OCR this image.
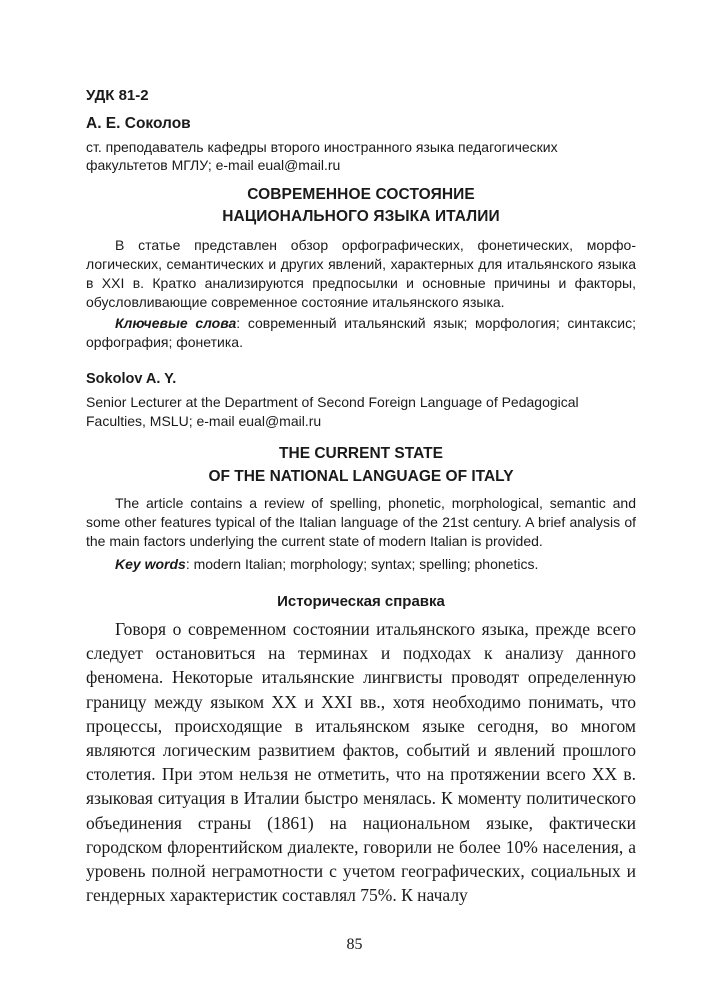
УДК 81-2
А. Е. Соколов
ст. преподаватель кафедры второго иностранного языка педагогических факультетов МГЛУ; e-mail eual@mail.ru
СОВРЕМЕННОЕ СОСТОЯНИЕ
НАЦИОНАЛЬНОГО ЯЗЫКА ИТАЛИИ
В статье представлен обзор орфографических, фонетических, морфологических, семантических и других явлений, характерных для итальянского языка в XXI в. Кратко анализируются предпосылки и основные причины и факторы, обусловливающие современное состояние итальянского языка.
Ключевые слова: современный итальянский язык; морфология; синтаксис; орфография; фонетика.
Sokolov A. Y.
Senior Lecturer at the Department of Second Foreign Language of Pedagogical Faculties, MSLU; e-mail eual@mail.ru
THE CURRENT STATE
OF THE NATIONAL LANGUAGE OF ITALY
The article contains a review of spelling, phonetic, morphological, semantic and some other features typical of the Italian language of the 21st century. A brief analysis of the main factors underlying the current state of modern Italian is provided.
Key words: modern Italian; morphology; syntax; spelling; phonetics.
Историческая справка
Говоря о современном состоянии итальянского языка, прежде всего следует остановиться на терминах и подходах к анализу данного феномена. Некоторые итальянские лингвисты проводят определенную границу между языком XX и XXI вв., хотя необходимо понимать, что процессы, происходящие в итальянском языке сегодня, во многом являются логическим развитием фактов, событий и явлений прошлого столетия. При этом нельзя не отметить, что на протяжении всего XX в. языковая ситуация в Италии быстро менялась. К моменту политического объединения страны (1861) на национальном языке, фактически городском флорентийском диалекте, говорили не более 10% населения, а уровень полной неграмотности с учетом географических, социальных и гендерных характеристик составлял 75%. К началу
85
